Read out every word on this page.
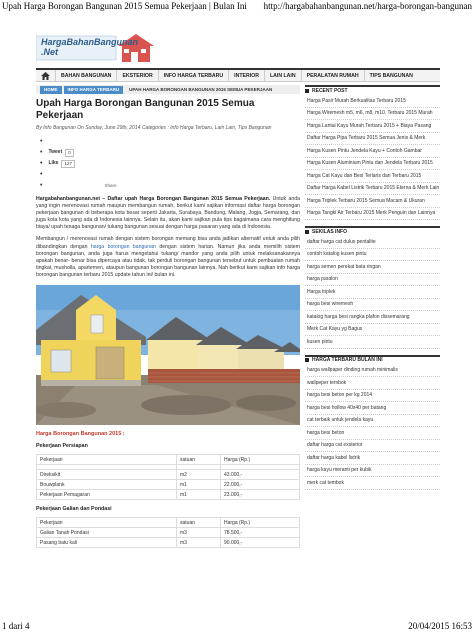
Upah Harga Borongan Bangunan 2015 Semua Pekerjaan | Bulan Ini http://hargabahanbangunan.net/harga-borongan-bangunan
HargaBahanBangunan
.Net
BAHAN BANGUNAN	EKSTERIOR	INFO HARGA TERBARU	INTERIOR	LAIN LAIN	PERALATAN RUMAH	TIPS BANGUNAN
HOME	INFO HARGA TERBARU	UPAH HARGA BORONGAN BANGUNAN 2015 SEMUA PEKERJAAN
Upah Harga Borongan Bangunan 2015 Semua Pekerjaan
By Info Bangunan On Sunday, June 29th, 2014 Categories : Info Harga Terbaru, Lain Lain, Tips Bangunan
•
• Tweet	0
• Like	127
•
•	Share

Hargabahanbangunan.net – Daftar upah Harga Borongan Bangunan 2015 Semua Pekerjaan. Untuk anda yang ingin merenovasi rumah maupun membangun rumah, berikut kami sajikan informasi daftar harga borongan pekerjaan bangunan di beberapa kota besar seperti Jakarta, Surabaya, Bandung, Malang, Jogja, Semarang, dan juga kota kota yang ada di Indonesia lainnya. Selain itu, akan kami sajikan pula tips bagaimana cara menghitung biaya/ upah tenaga bangunan/ tukang bangunan sesuai dengan harga pasaran yang ada di Indonesia.

Membangun / merenovasi rumah dengan sistem borongan memang bisa anda jadikan alternatif untuk anda pilih dibandingkan dengan harga borongan bangunan dengan sistem harian. Namun jika anda memilih sistem borongan bangunan, anda juga harus mengetahui tukang/ mandor yang anda pilih untuk melaksanakannya apakah benar- benar bisa dipercaya atau tidak, tak perduli borongan bangunan tersebut untuk pembuatan rumah tingkat, musholla, apartemen, ataupun bangunan borongan bangunan lainnya. Nah berikut kami sajikan info harga borongan bangunan terbaru 2015 update tahun ini/ bulan ini.

Harga Borongan Bangunan 2015 :
Pekerjaan Persiapan
Pekerjaan	satuan	Harga (Rp.)

Direksikit	m2	43.000,-
Bouwplank	m1	22.000,-
Pekerjaan Pemagaran	m1	23.000,-
Pekerjaan Galian dan Pondasi
Pekerjaan	satuan	Harga (Rp.)
Galian Tanah Pondasi	m3	78.500,-
Pasang batu kali	m3	90.000,-
RECENT POST
Harga Pasir Murah Berkualitas Terbaru 2015
Harga Wiremesh m5, m6, m8, m10, Terbaru 2015 Murah
Harga Lantai Kayu Murah Terbaru 2015 + Biaya Pasang
Daftar Harga Pipa Terbaru 2015 Semua Jenis & Merk
Harga Kusen Pintu Jendela Kayu + Contoh Gambar
Harga Kusen Aluminium Pintu dan Jendela Terbaru 2015
Harga Cat Kayu dan Besi Terlaris dan Terbaru 2015
Daftar Harga Kabel Listrik Terbaru 2015 Eterna & Merk Lain
Harga Triplek Terbaru 2015 Semua Macam & Ukuran
Harga Tangki Air Terbaru 2015 Merk Penguin dan Lainnya
SEKILAS INFO
daftar harga cat dulux pentalite
contoh katalog kusen pintu
harga semen perekat bata ringan
harga paralon
Harga triplek
harga besi wiremesh
katalog harga besi rangka plafon dissemarang
Merk Cat Kayu yg Bagus
kusen pintu
HARGA TERBARU BULAN INI
harga wallpaper dinding rumah minimalis
wallpeper tembok
harga besi beton per kg 2014
harga besi hollow 40x40 per batang
cat terbaik untuk jendela kayu
harga besi beton
daftar harga cat exsterior
daftar harga kabel listrik
harga kayu meranti per kubik
merk cat tembok
1 dari 4	20/04/2015 16:53
